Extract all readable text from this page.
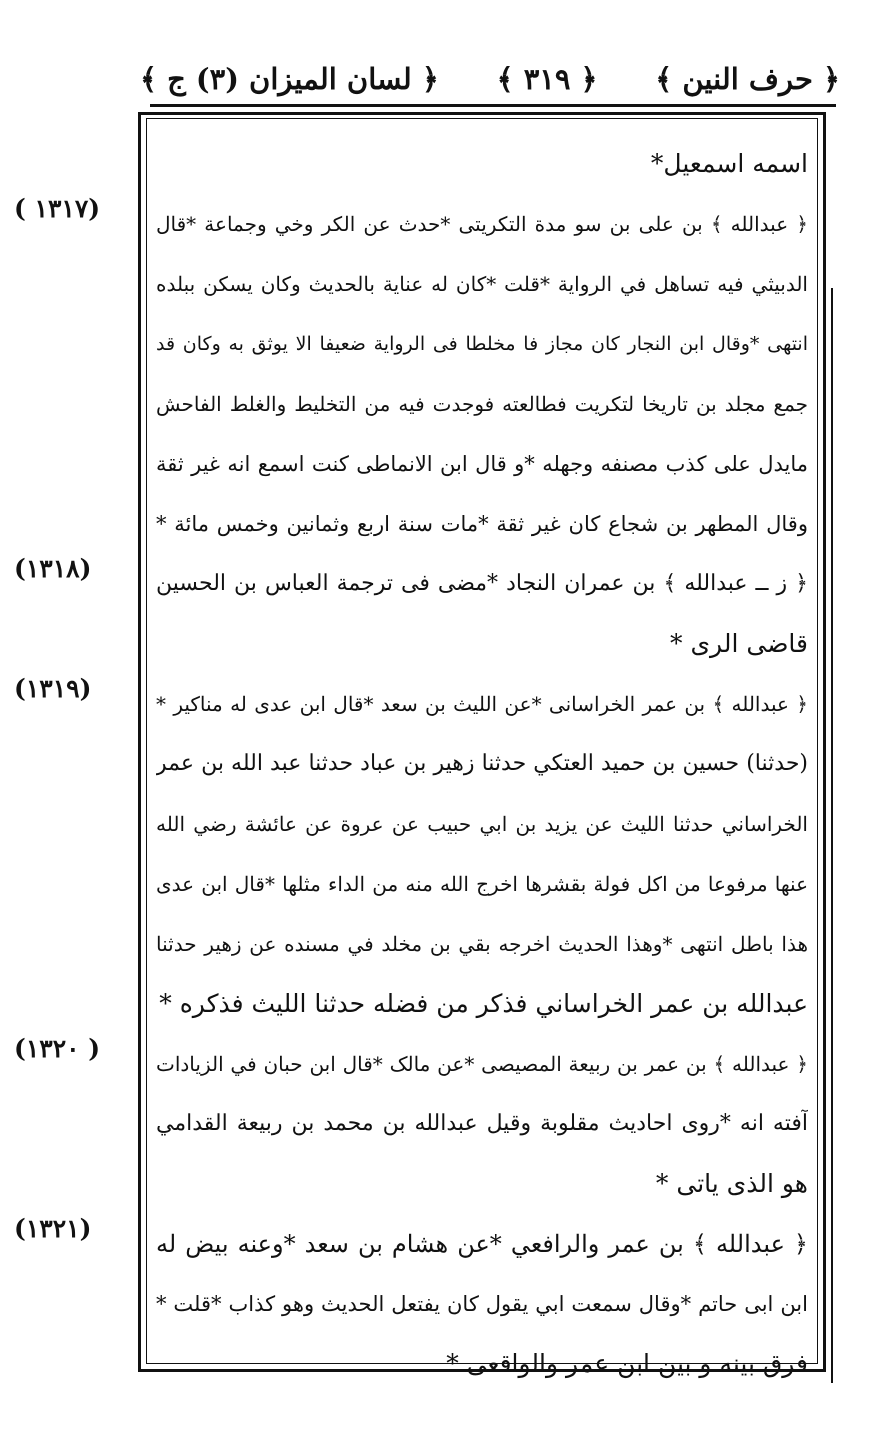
﴿ حرف النین ﴾
﴿ ٣١٩ ﴾
﴿ لسان المیزان (٣) ج ﴾
اسمه اسمعیل*
﴿ عبدالله ﴾ بن علی بن سو مدة التکریتی *حدث عن الکر وخي وجماعة *قال
الدبیثي فیه تساهل في الروایة *قلت *کان له عنایة بالحدیث وکان یسکن ببلده
انتهی *وقال ابن النجار کان مجاز فا مخلطا فی الروایة ضعیفا الا یوثق به وکان قد
جمع مجلد بن تاریخا لتکریت فطالعته فوجدت فیه من التخلیط والغلط الفاحش
مایدل علی کذب مصنفه وجهله *و قال ابن الانماطی کنت اسمع انه غیر ثقة
وقال المطهر بن شجاع کان غیر ثقة *مات سنة اربع وثمانین وخمس مائة *
﴿ ز ــ عبدالله ﴾ بن عمران النجاد *مضی فی ترجمة العباس بن الحسین
قاضی الری *
﴿ عبدالله ﴾ بن عمر الخراسانی *عن اللیث بن سعد *قال ابن عدی له مناکیر *
(حدثنا) حسین بن حمید العتکي حدثنا زهیر بن عباد حدثنا عبد الله بن عمر
الخراساني حدثنا اللیث عن یزید بن ابي حبیب عن عروة عن عائشة رضي الله
عنها مرفوعا من اکل فولة بقشرها اخرج الله منه من الداء مثلها *قال ابن عدی
هذا باطل انتهی *وهذا الحدیث اخرجه بقي بن مخلد في مسنده عن زهیر حدثنا
عبدالله بن عمر الخراساني فذکر من فضله حدثنا اللیث فذکره *
﴿ عبدالله ﴾ بن عمر بن ربیعة المصیصی *عن مالک *قال ابن حبان في الزیادات
آفته انه *روی احادیث مقلوبة وقیل عبدالله بن محمد بن ربیعة القدامي
هو الذی یاتی *
﴿ عبدالله ﴾ بن عمر والرافعي *عن هشام بن سعد *وعنه بیض له
ابن ابی حاتم *وقال سمعت ابي یقول کان یفتعل الحدیث وهو کذاب *قلت *
فرق بینه و بین ابن عمر والواقعی *
(١٣١٧ )
(١٣١٨)
(١٣١٩)
( ١٣٢٠)
(١٣٢١)
